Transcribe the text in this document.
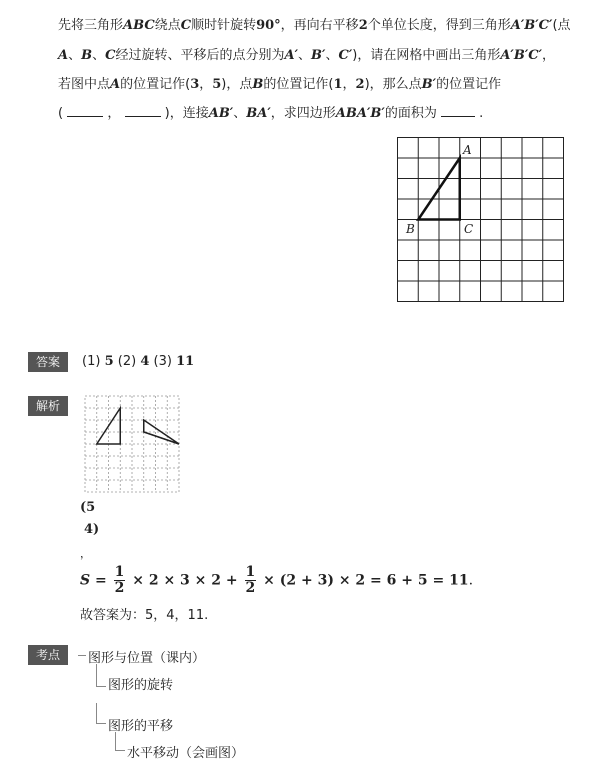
先将三角形ABC绕点C顺时针旋转90°，再向右平移2个单位长度，得到三角形A′B′C′(点
A、B、C经过旋转、平移后的点分别为A′、B′、C′)，请在网格中画出三角形A′B′C′，
若图中点A的位置记作(3，5)，点B的位置记作(1，2)，那么点B′的位置记作
(	，	)，连接AB′、BA′，求四边形ABA′B′的面积为	.
A
B	C
答案	(1) 5 (2) 4 (3) 11
解析
(5
4)
，
$S = \frac{1}{2} \times 2 \times 3 \times 2 + \frac{1}{2} \times (2 + 3) \times 2 = 6 + 5 = 11$.
故答案为：5，4，11.
考点	图形与位置（课内）
图形的旋转
图形的平移
水平移动（会画图）
